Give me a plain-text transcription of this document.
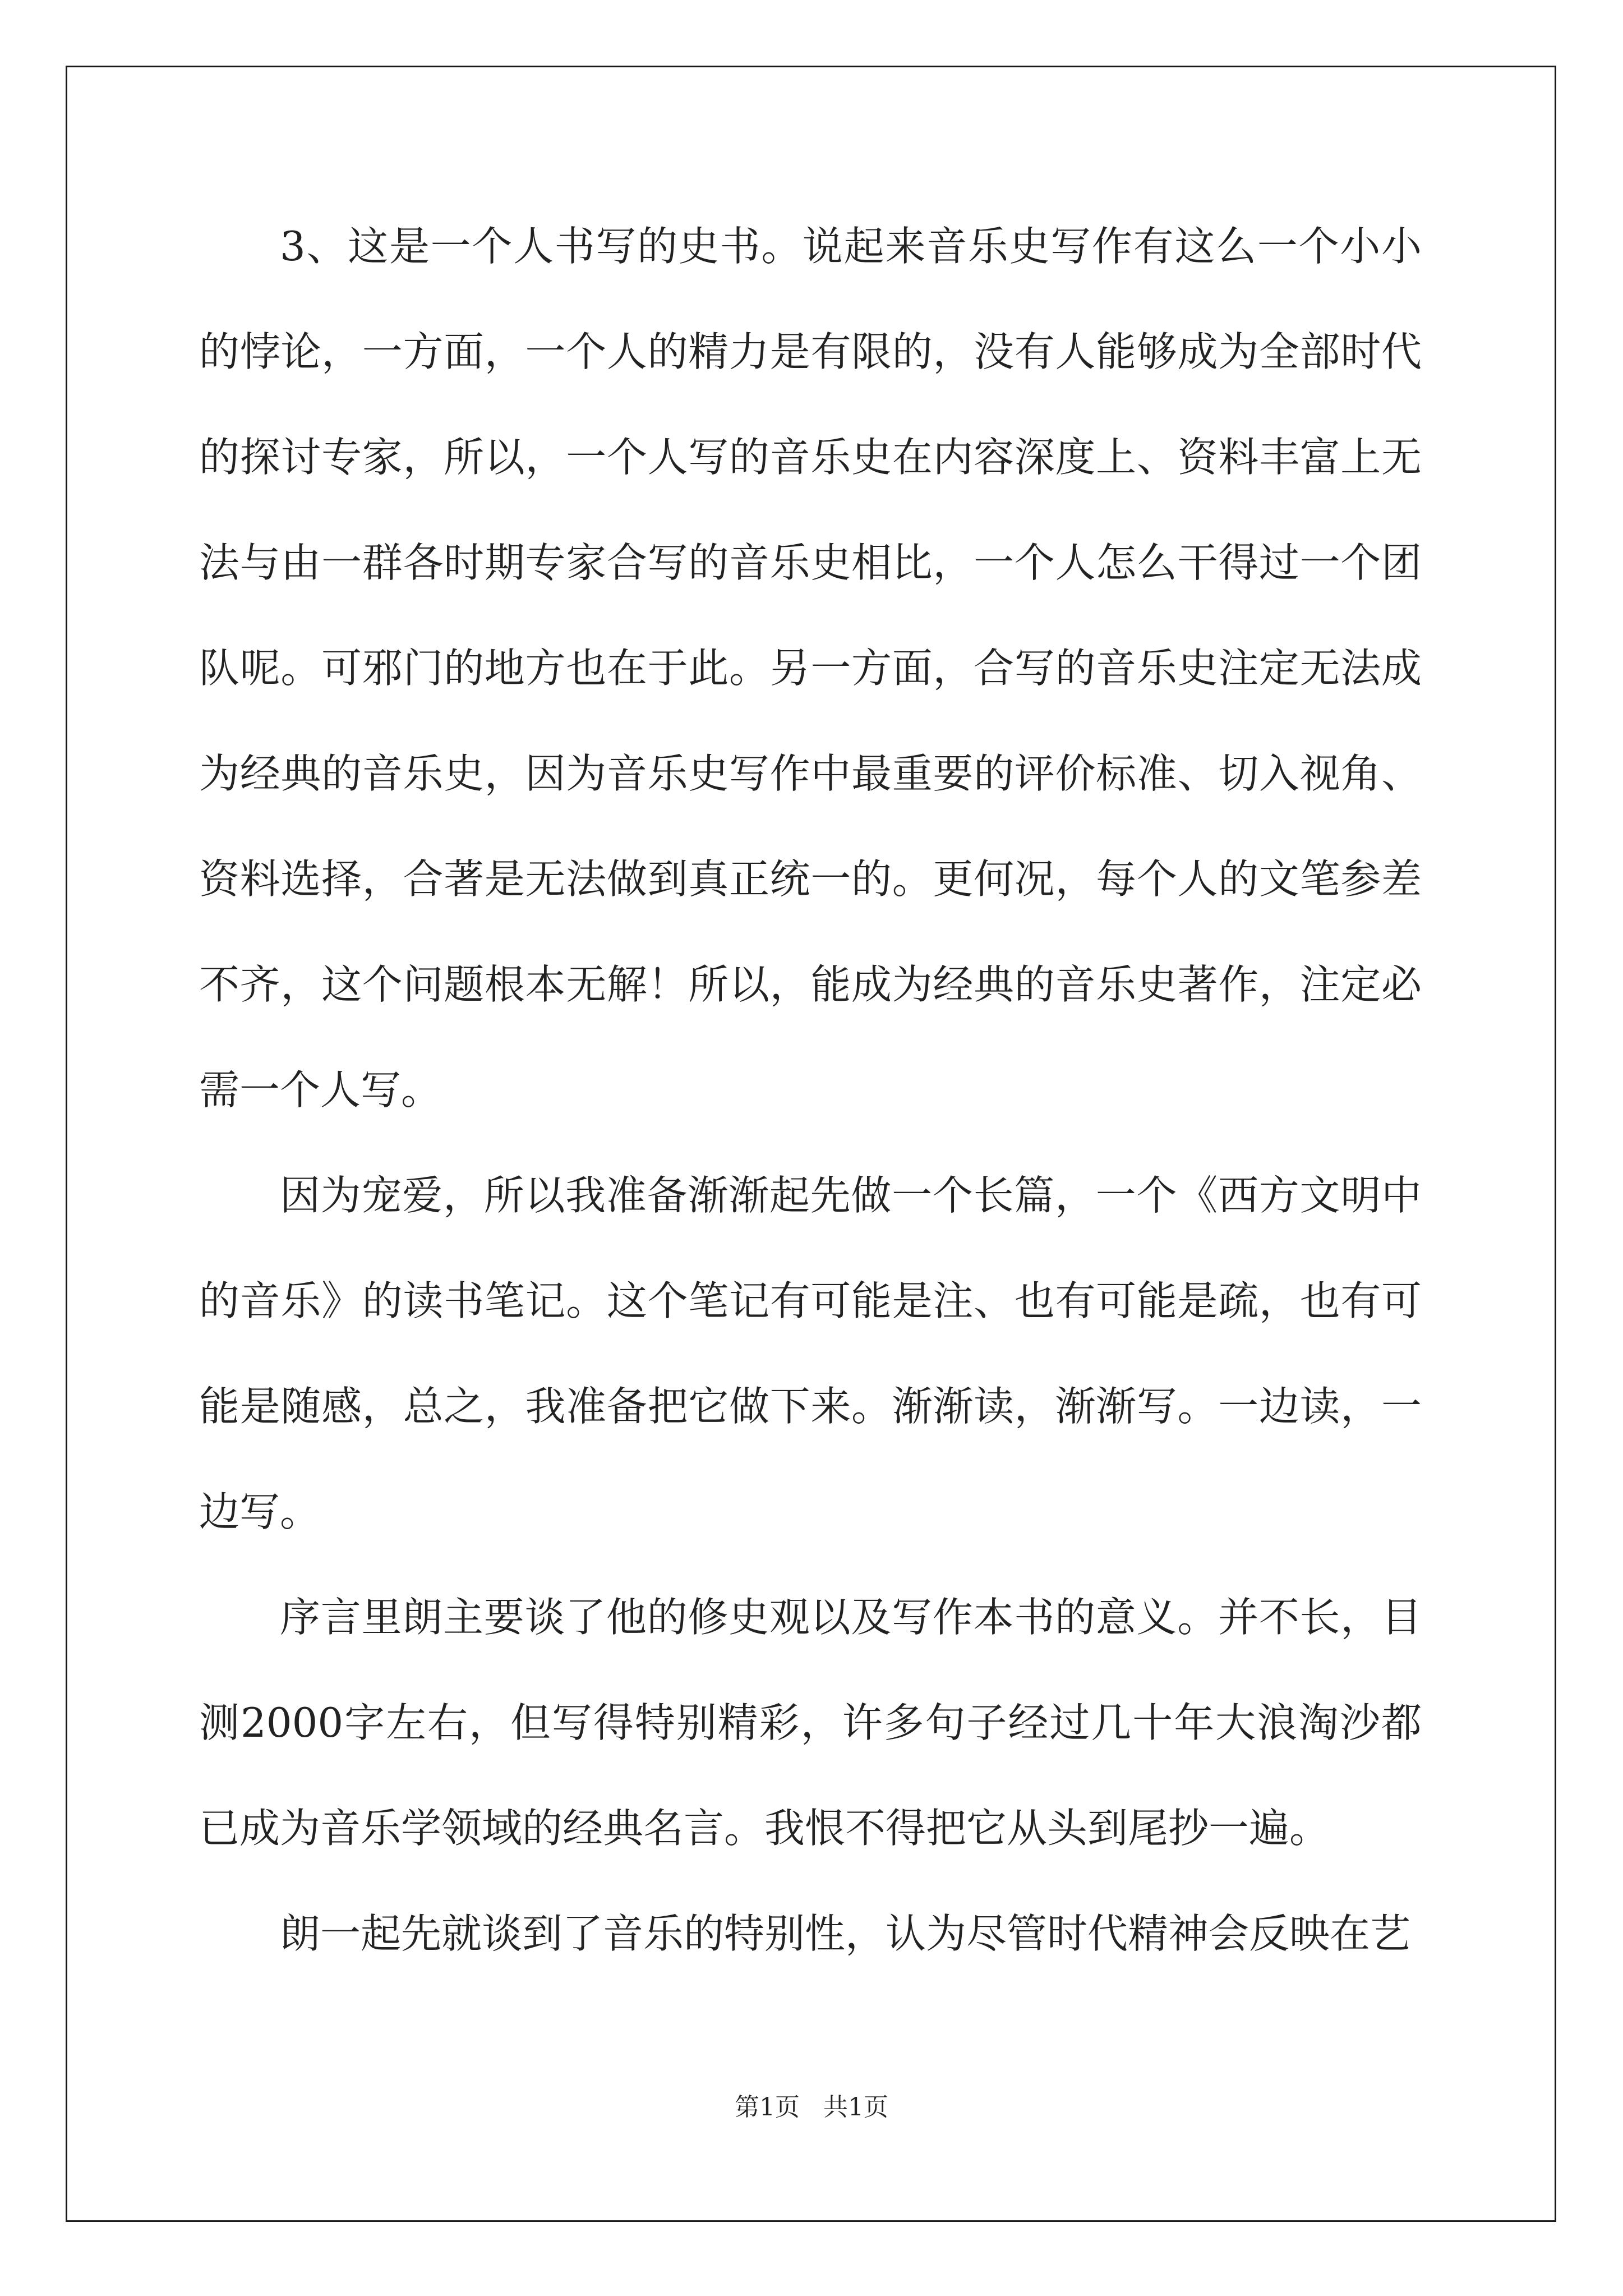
3、这是一个人书写的史书。说起来音乐史写作有这么一个小小的悖论，一方面，一个人的精力是有限的，没有人能够成为全部时代的探讨专家，所以，一个人写的音乐史在内容深度上、资料丰富上无法与由一群各时期专家合写的音乐史相比，一个人怎么干得过一个团队呢。可邪门的地方也在于此。另一方面，合写的音乐史注定无法成为经典的音乐史，因为音乐史写作中最重要的评价标准、切入视角、资料选择，合著是无法做到真正统一的。更何况，每个人的文笔参差不齐，这个问题根本无解！所以，能成为经典的音乐史著作，注定必需一个人写。

因为宠爱，所以我准备渐渐起先做一个长篇，一个《西方文明中的音乐》的读书笔记。这个笔记有可能是注、也有可能是疏，也有可能是随感，总之，我准备把它做下来。渐渐读，渐渐写。一边读，一边写。

序言里朗主要谈了他的修史观以及写作本书的意义。并不长，目测2000字左右，但写得特别精彩，许多句子经过几十年大浪淘沙都已成为音乐学领域的经典名言。我恨不得把它从头到尾抄一遍。

朗一起先就谈到了音乐的特别性，认为尽管时代精神会反映在艺

第1页   共1页
